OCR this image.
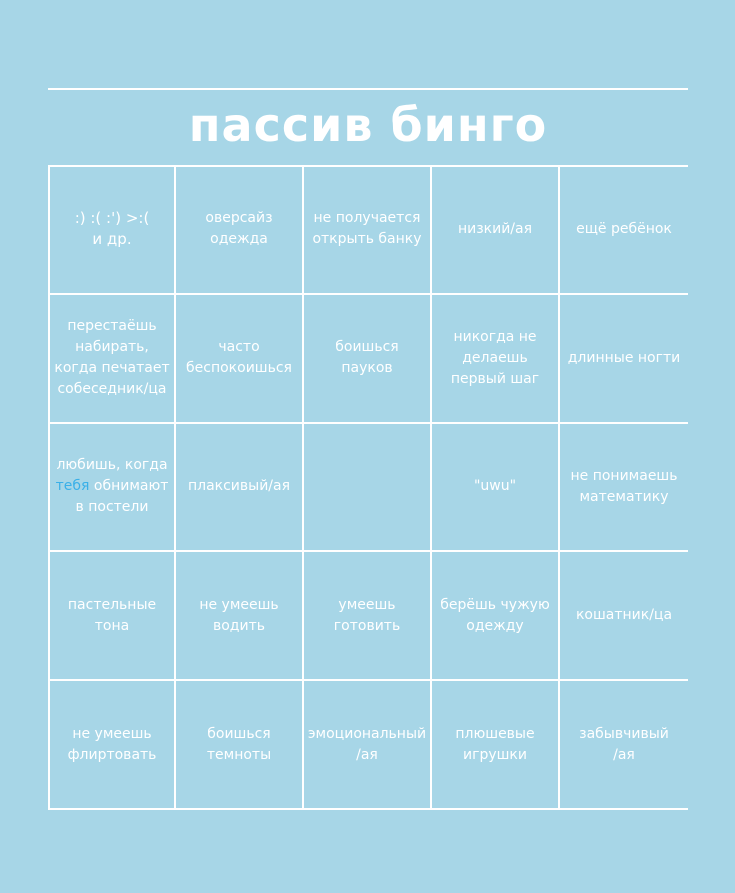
пассив бинго
:) :( :') >:(
и др.
оверсайз
одежда
не получается
открыть банку
низкий/ая	ещё ребёнок
перестаёшь
набирать,
когда печатает
собеседник/ца
часто
беспокоишься
боишься
пауков
никогда не
делаешь
первый шаг
длинные ногти
любишь, когда
тебя обнимают
в постели
плаксивый/ая	"uwu"
не понимаешь
математику
пастельные
тона
не умеешь
водить
умеешь
готовить
берёшь чужую
одежду
кошатник/ца
не умеешь
флиртовать
боишься
темноты
эмоциональный
/ая
плюшевые
игрушки
забывчивый
/ая
